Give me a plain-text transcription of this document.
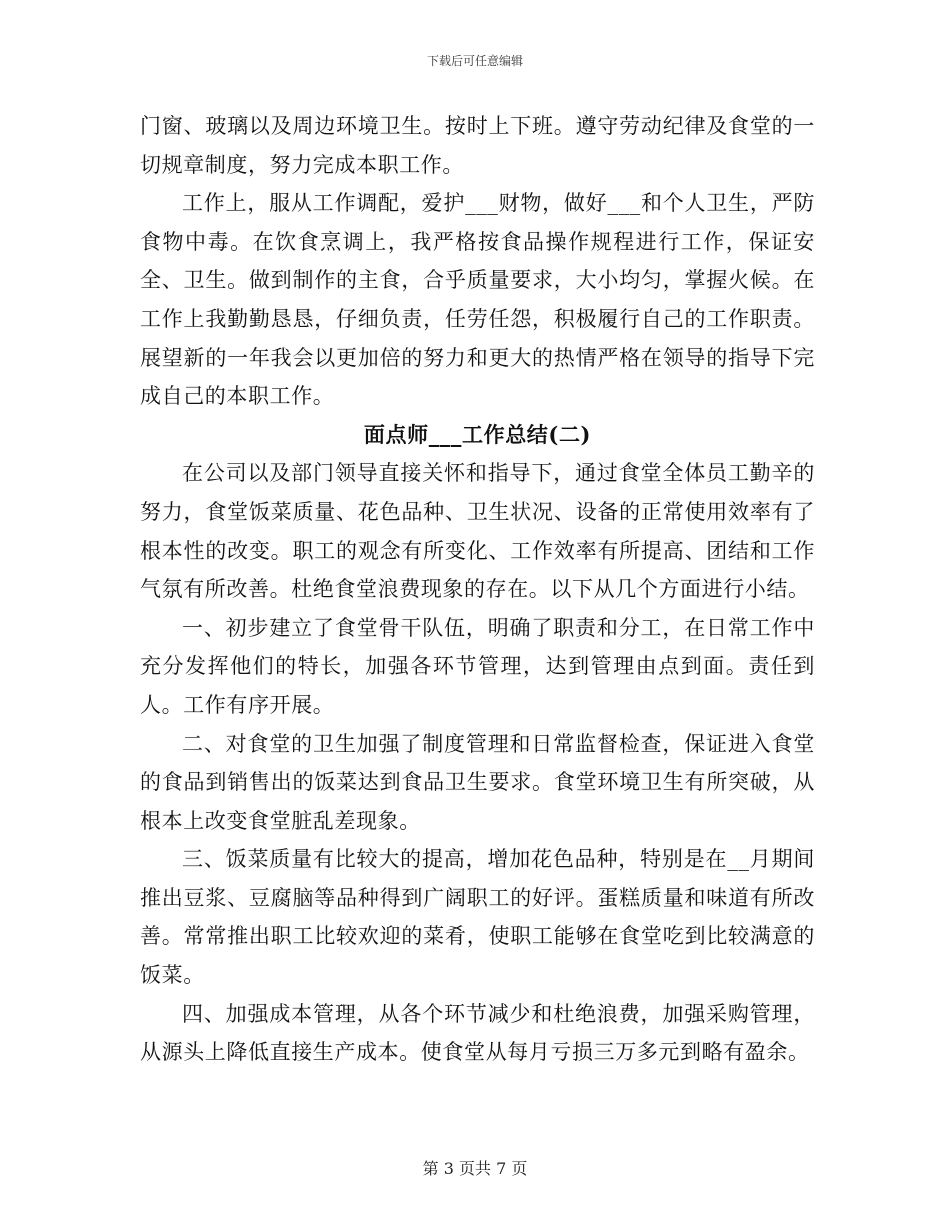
下载后可任意编辑

门窗、玻璃以及周边环境卫生。按时上下班。遵守劳动纪律及食堂的一切规章制度，努力完成本职工作。

工作上，服从工作调配，爱护___财物，做好___和个人卫生，严防食物中毒。在饮食烹调上，我严格按食品操作规程进行工作，保证安全、卫生。做到制作的主食，合乎质量要求，大小均匀，掌握火候。在工作上我勤勤恳恳，仔细负责，任劳任怨，积极履行自己的工作职责。展望新的一年我会以更加倍的努力和更大的热情严格在领导的指导下完成自己的本职工作。

面点师___工作总结(二)

在公司以及部门领导直接关怀和指导下，通过食堂全体员工勤辛的努力，食堂饭菜质量、花色品种、卫生状况、设备的正常使用效率有了根本性的改变。职工的观念有所变化、工作效率有所提高、团结和工作气氛有所改善。杜绝食堂浪费现象的存在。以下从几个方面进行小结。

一、初步建立了食堂骨干队伍，明确了职责和分工，在日常工作中充分发挥他们的特长，加强各环节管理，达到管理由点到面。责任到人。工作有序开展。

二、对食堂的卫生加强了制度管理和日常监督检查，保证进入食堂的食品到销售出的饭菜达到食品卫生要求。食堂环境卫生有所突破，从根本上改变食堂脏乱差现象。

三、饭菜质量有比较大的提高，增加花色品种，特别是在__月期间推出豆浆、豆腐脑等品种得到广阔职工的好评。蛋糕质量和味道有所改善。常常推出职工比较欢迎的菜肴，使职工能够在食堂吃到比较满意的饭菜。

四、加强成本管理，从各个环节减少和杜绝浪费，加强采购管理，从源头上降低直接生产成本。使食堂从每月亏损三万多元到略有盈余。

第 3 页共 7 页
